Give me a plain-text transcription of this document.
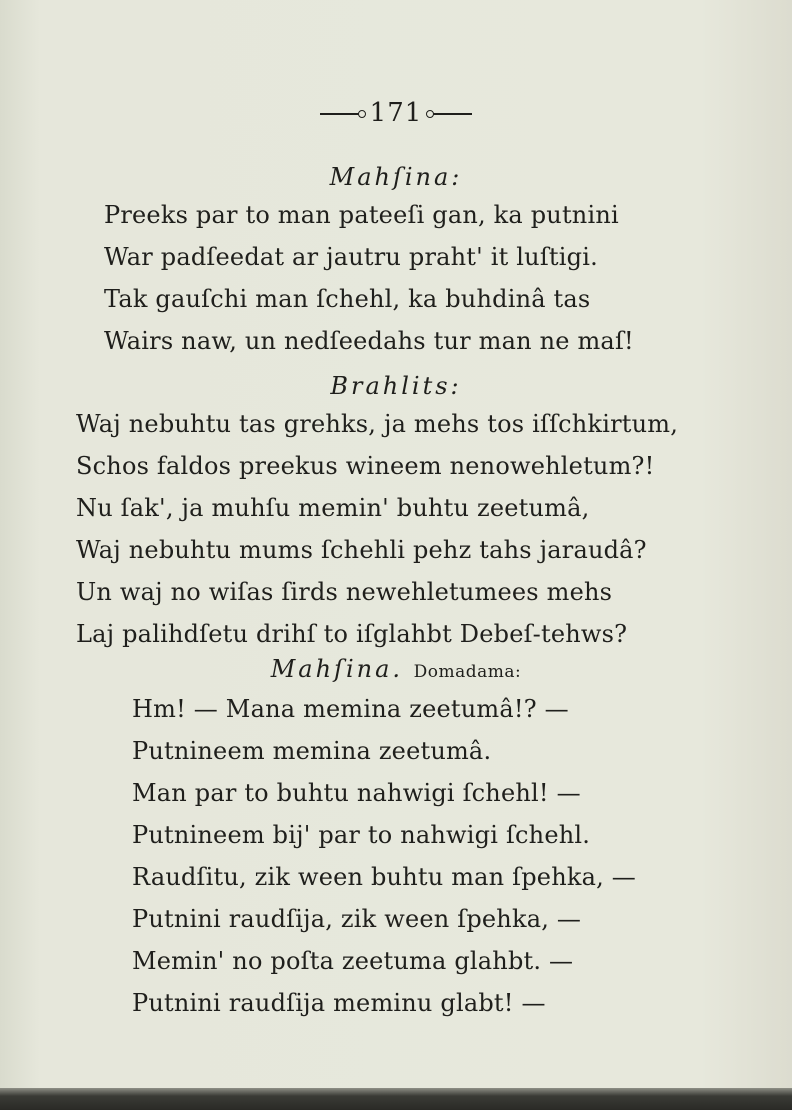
171
Mahſina:
Preeks par to man pateeſi gan, ka putnini
War padſeedat ar jautru praht' it luſtigi.
Tak gauſchi man ſchehl, ka buhdinâ tas
Wairs naw, un nedſeedahs tur man ne maſ!
Brahlits:
Waj nebuhtu tas grehks, ja mehs tos iſſchkirtum,
Schos faldos preekus wineem nenowehletum?!
Nu ſak', ja muhſu memin' buhtu zeetumâ,
Waj nebuhtu mums ſchehli pehz tahs jaraudâ?
Un waj no wiſas ſirds newehletumees mehs
Laj palihdſetu drihſ to iſglahbt Debeſ-tehws?
Mahſina. Domadama:
Hm! — Mana memina zeetumâ!? —
Putnineem memina zeetumâ.
Man par to buhtu nahwigi ſchehl! —
Putnineem bij' par to nahwigi ſchehl.
Raudſitu, zik ween buhtu man ſpehka, —
Putnini raudſija, zik ween ſpehka, —
Memin' no poſta zeetuma glahbt. —
Putnini raudſija meminu glabt! —
